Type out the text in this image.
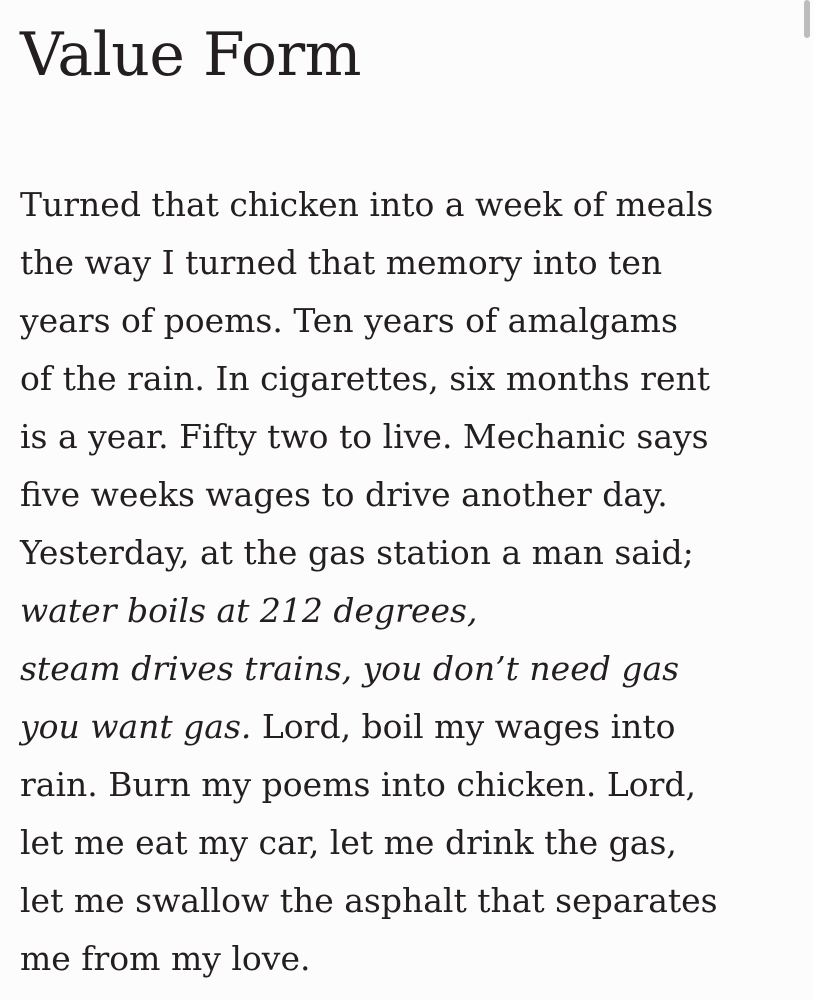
Value Form
Turned that chicken into a week of meals
the way I turned that memory into ten
years of poems. Ten years of amalgams
of the rain. In cigarettes, six months rent
is a year. Fifty two to live. Mechanic says
five weeks wages to drive another day.
Yesterday, at the gas station a man said;
water boils at 212 degrees,
steam drives trains, you don’t need gas
you want gas. Lord, boil my wages into
rain. Burn my poems into chicken. Lord,
let me eat my car, let me drink the gas,
let me swallow the asphalt that separates
me from my love.
